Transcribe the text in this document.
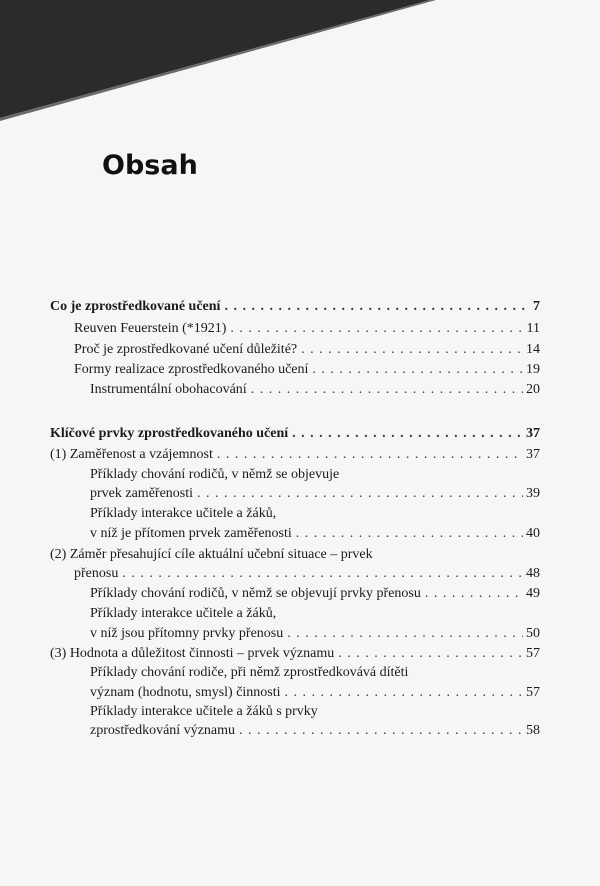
Obsah
Co je zprostředkované učení . . .	7
Reuven Feuerstein (*1921) . . .	11
Proč je zprostředkované učení důležité? . . .	14
Formy realizace zprostředkovaného učení . . .	19
Instrumentální obohacování . . .	20
Klíčové prvky zprostředkovaného učení . . .	37
(1) Zaměřenost a vzájemnost . . .	37
Příklady chování rodičů, v němž se objevuje
prvek zaměřenosti . . .	39
Příklady interakce učitele a žáků,
v níž je přítomen prvek zaměřenosti . . .	40
(2) Záměr přesahující cíle aktuální učební situace – prvek
přenosu . . .	48
Příklady chování rodičů, v němž se objevují prvky přenosu . . .	49
Příklady interakce učitele a žáků,
v níž jsou přítomny prvky přenosu . . .	50
(3) Hodnota a důležitost činnosti – prvek významu . . .	57
Příklady chování rodiče, při němž zprostředkovává dítěti
význam (hodnotu, smysl) činnosti . . .	57
Příklady interakce učitele a žáků s prvky
zprostředkování významu . . .	58
